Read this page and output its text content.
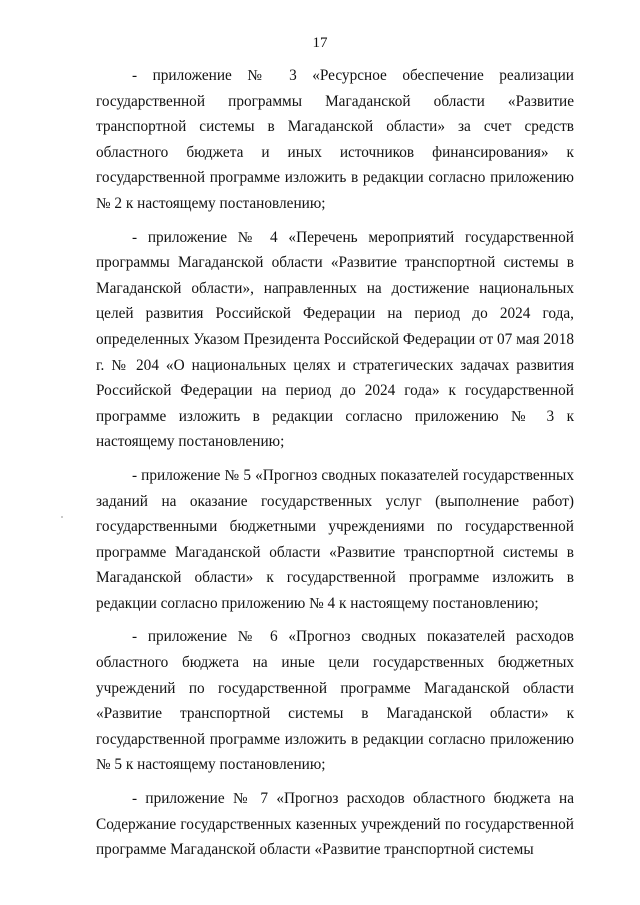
17

- приложение № 3 «Ресурсное обеспечение реализации государственной программы Магаданской области «Развитие транспортной системы в Магаданской области» за счет средств областного бюджета и иных источников финансирования» к государственной программе изложить в редакции согласно приложению № 2 к настоящему постановлению;

- приложение № 4 «Перечень мероприятий государственной программы Магаданской области «Развитие транспортной системы в Магаданской области», направленных на достижение национальных целей развития Российской Федерации на период до 2024 года, определенных Указом Президента Российской Федерации от 07 мая 2018 г. № 204 «О национальных целях и стратегических задачах развития Российской Федерации на период до 2024 года» к государственной программе изложить в редакции согласно приложению № 3 к настоящему постановлению;

- приложение № 5 «Прогноз сводных показателей государственных заданий на оказание государственных услуг (выполнение работ) государственными бюджетными учреждениями по государственной программе Магаданской области «Развитие транспортной системы в Магаданской области» к государственной программе изложить в редакции согласно приложению № 4 к настоящему постановлению;

- приложение № 6 «Прогноз сводных показателей расходов областного бюджета на иные цели государственных бюджетных учреждений по государственной программе Магаданской области «Развитие транспортной системы в Магаданской области» к государственной программе изложить в редакции согласно приложению № 5 к настоящему постановлению;

- приложение № 7 «Прогноз расходов областного бюджета на Содержание государственных казенных учреждений по государственной программе Магаданской области «Развитие транспортной системы
